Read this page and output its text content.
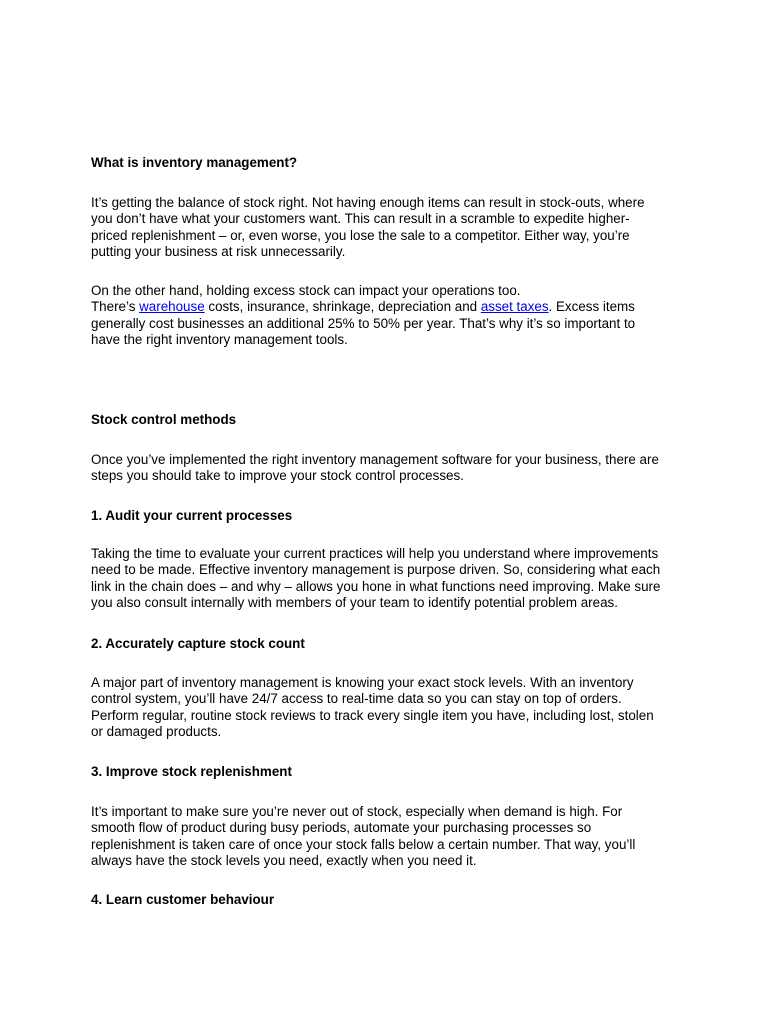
What is inventory management?

It’s getting the balance of stock right. Not having enough items can result in stock-outs, where
you don’t have what your customers want. This can result in a scramble to expedite higher-
priced replenishment – or, even worse, you lose the sale to a competitor. Either way, you’re
putting your business at risk unnecessarily.

On the other hand, holding excess stock can impact your operations too.
There’s warehouse costs, insurance, shrinkage, depreciation and asset taxes. Excess items
generally cost businesses an additional 25% to 50% per year. That’s why it’s so important to
have the right inventory management tools.

Stock control methods

Once you’ve implemented the right inventory management software for your business, there are
steps you should take to improve your stock control processes.

1. Audit your current processes

Taking the time to evaluate your current practices will help you understand where improvements
need to be made. Effective inventory management is purpose driven. So, considering what each
link in the chain does – and why – allows you hone in what functions need improving. Make sure
you also consult internally with members of your team to identify potential problem areas.

2. Accurately capture stock count

A major part of inventory management is knowing your exact stock levels. With an inventory
control system, you’ll have 24/7 access to real-time data so you can stay on top of orders.
Perform regular, routine stock reviews to track every single item you have, including lost, stolen
or damaged products.

3. Improve stock replenishment

It’s important to make sure you’re never out of stock, especially when demand is high. For
smooth flow of product during busy periods, automate your purchasing processes so
replenishment is taken care of once your stock falls below a certain number. That way, you’ll
always have the stock levels you need, exactly when you need it.

4. Learn customer behaviour
